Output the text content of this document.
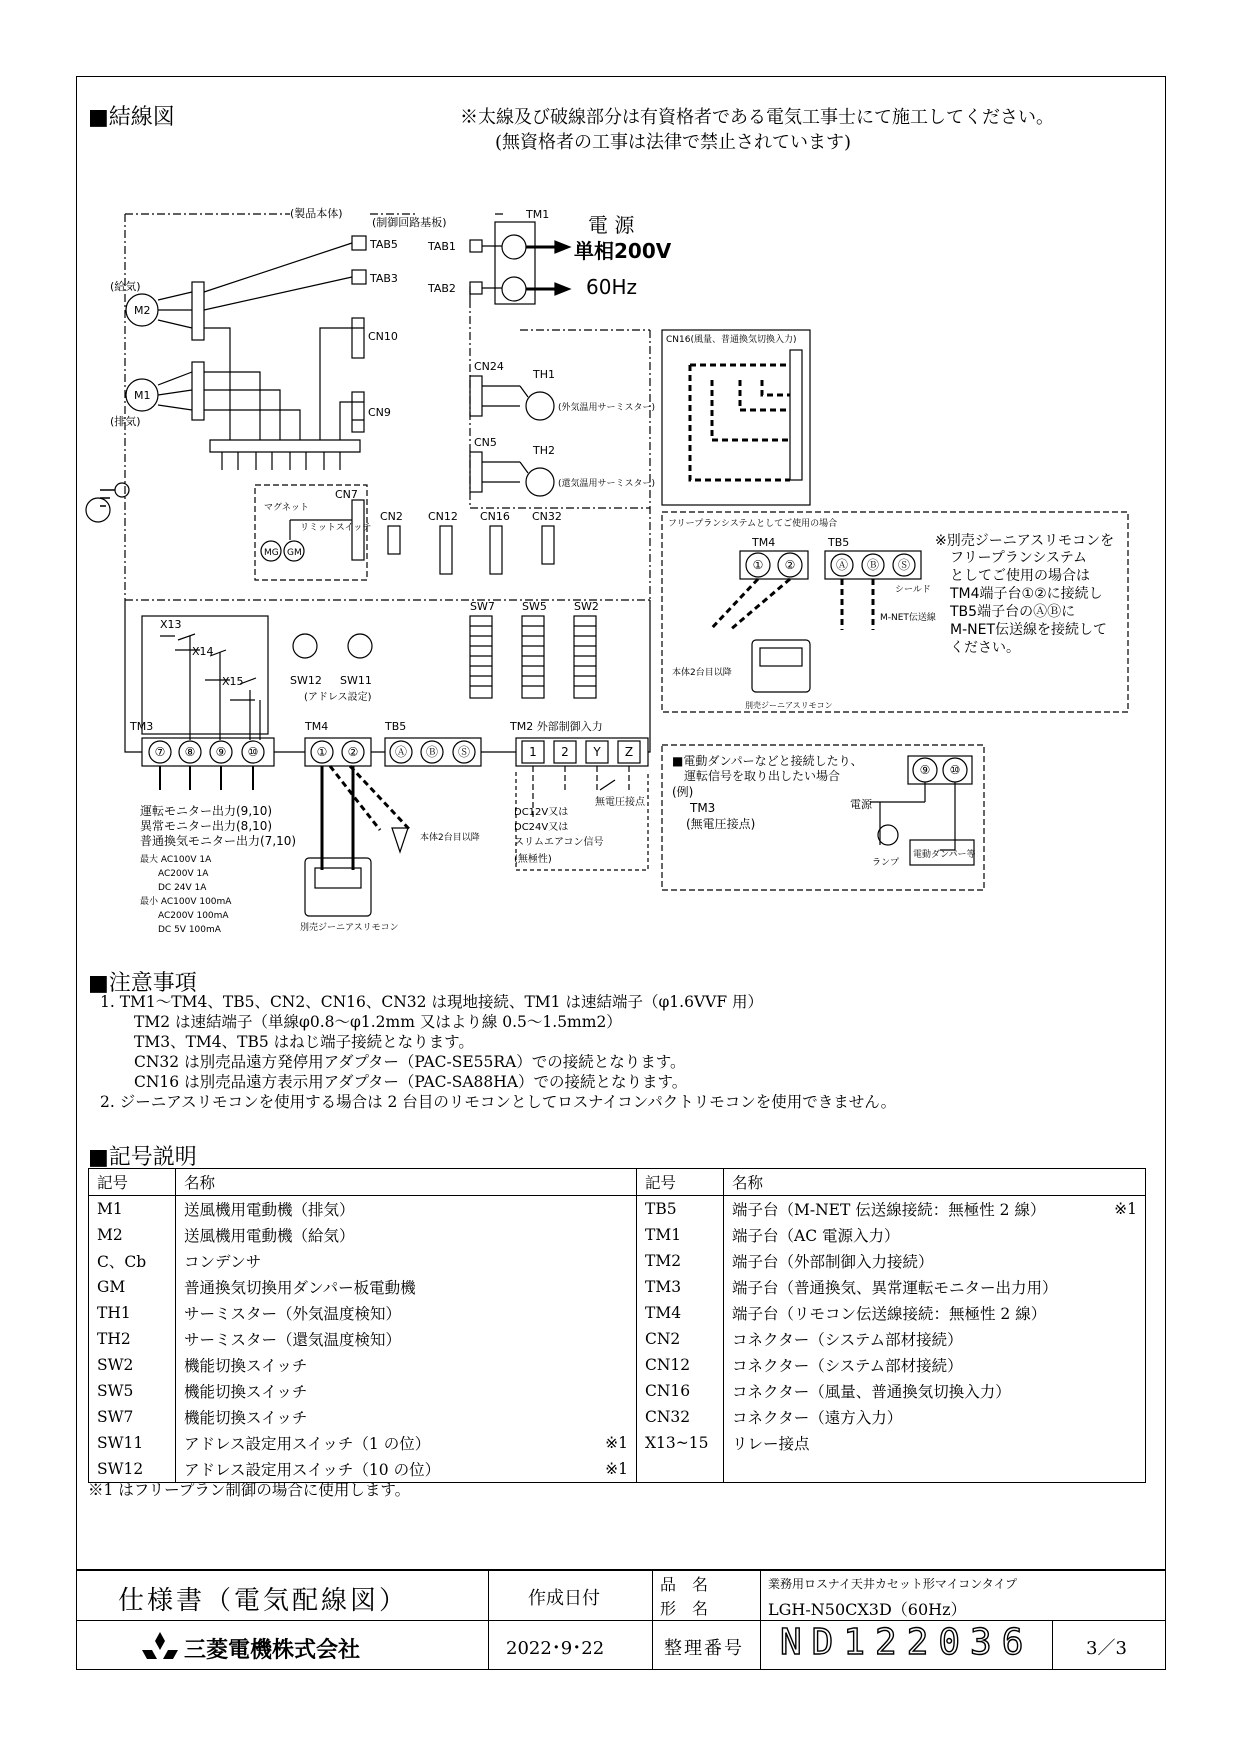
■結線図	※太線及び破線部分は有資格者である電気工事士にて施工してください。
(無資格者の工事は法律で禁止されています)
(製品本体)
(制御回路基板)
TM1
TAB1
TAB2
TAB5
TAB3
M2
(給気)
M1
(排気)
CN10
CN9
CN7
マグネット
リミットスイッチ
MG GM
CN24
CN5
TH1
(外気温用サーミスター)
TH2
(還気温用サーミスター)
CN2 CN12 CN16 CN32
CN16(風量、普通換気切換入力)
SW7 SW5 SW2
SW12 SW11
(アドレス設定)
X13
X14
X15
TM3	TM4	TB5	TM2 外部制御入力
運転モニター出力(9,10)
異常モニター出力(8,10)
普通換気モニター出力(7,10)
最大 AC100V 1A
AC200V 1A
DC 24V 1A
最小 AC100V 100mA
AC200V 100mA
DC 5V 100mA	別売ジーニアスリモコン
本体2台目以降
DC12V又は
DC24V又は
スリムエアコン信号
(無極性)
無電圧接点
フリープランシステムとしてご使用の場合
TM4	TB5
シールド
M-NET伝送線
本体2台目以降
別売ジーニアスリモコン
※別売ジーニアスリモコンを
フリープランシステム
としてご使用の場合は
TM4端子台①②に接続し
TB5端子台のⒶⒷに
M-NET伝送線を接続して
ください。
■電動ダンパーなどと接続したり、
運転信号を取り出したい場合
(例)
TM3
(無電圧接点)
電源
ランプ
電動ダンパー等
電 源
単相200V
60Hz
⑦ ⑧ ⑨ ⑩	① ②	Ⓐ Ⓑ Ⓢ	1 2 Y Z
① ②	Ⓐ Ⓑ Ⓢ
⑨ ⑩
■注意事項
1. TM1～TM4、TB5、CN2、CN16、CN32 は現地接続、TM1 は速結端子（φ1.6VVF 用）
TM2 は速結端子（単線φ0.8～φ1.2mm 又はより線 0.5～1.5mm2）
TM3、TM4、TB5 はねじ端子接続となります。
CN32 は別売品遠方発停用アダプター（PAC-SE55RA）での接続となります。
CN16 は別売品遠方表示用アダプター（PAC-SA88HA）での接続となります。
2. ジーニアスリモコンを使用する場合は 2 台目のリモコンとしてロスナイコンパクトリモコンを使用できません。
■記号説明
記号	名称		記号	名称	
M1	送風機用電動機（排気）		TB5	端子台（M-NET 伝送線接続：無極性 2 線）	※1
M2	送風機用電動機（給気）		TM1	端子台（AC 電源入力）	
C、Cb	コンデンサ		TM2	端子台（外部制御入力接続）	
GM	普通換気切換用ダンパー板電動機		TM3	端子台（普通換気、異常運転モニター出力用）	
TH1	サーミスター（外気温度検知）		TM4	端子台（リモコン伝送線接続：無極性 2 線）	
TH2	サーミスター（還気温度検知）		CN2	コネクター（システム部材接続）	
SW2	機能切換スイッチ		CN12	コネクター（システム部材接続）	
SW5	機能切換スイッチ		CN16	コネクター（風量、普通換気切換入力）	
SW7	機能切換スイッチ		CN32	コネクター（遠方入力）	
SW11	アドレス設定用スイッチ（1 の位）	※1	X13~15	リレー接点	
SW12	アドレス設定用スイッチ（10 の位）	※1			
※1 はフリープラン制御の場合に使用します。
仕様書（電気配線図）	作成日付
2022･9･22
品　名
形　名
業務用ロスナイ天井カセット形マイコンタイプ
LGH-N50CX3D（60Hz）
整理番号 ND122036	3／3
三菱電機株式会社
